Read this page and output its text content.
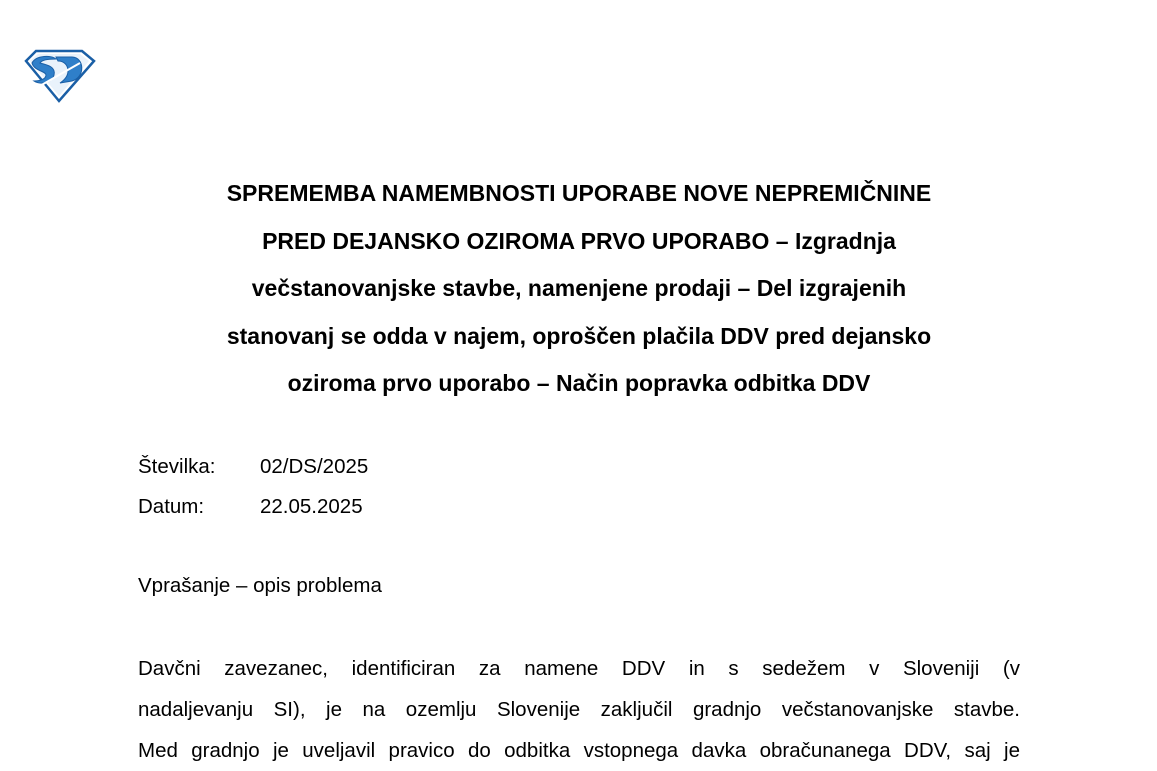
SPREMEMBA NAMEMBNOSTI UPORABE NOVE NEPREMIČNINE
PRED DEJANSKO OZIROMA PRVO UPORABO – Izgradnja
večstanovanjske stavbe, namenjene prodaji – Del izgrajenih
stanovanj se odda v najem, oproščen plačila DDV pred dejansko
oziroma prvo uporabo – Način popravka odbitka DDV
Številka: 02/DS/2025
Datum:	22.05.2025
Vprašanje – opis problema
Davčni zavezanec, identificiran za namene DDV in s sedežem v Sloveniji (v
nadaljevanju SI), je na ozemlju Slovenije zaključil gradnjo večstanovanjske stavbe.
Med gradnjo je uveljavil pravico do odbitka vstopnega davka obračunanega DDV, saj je
